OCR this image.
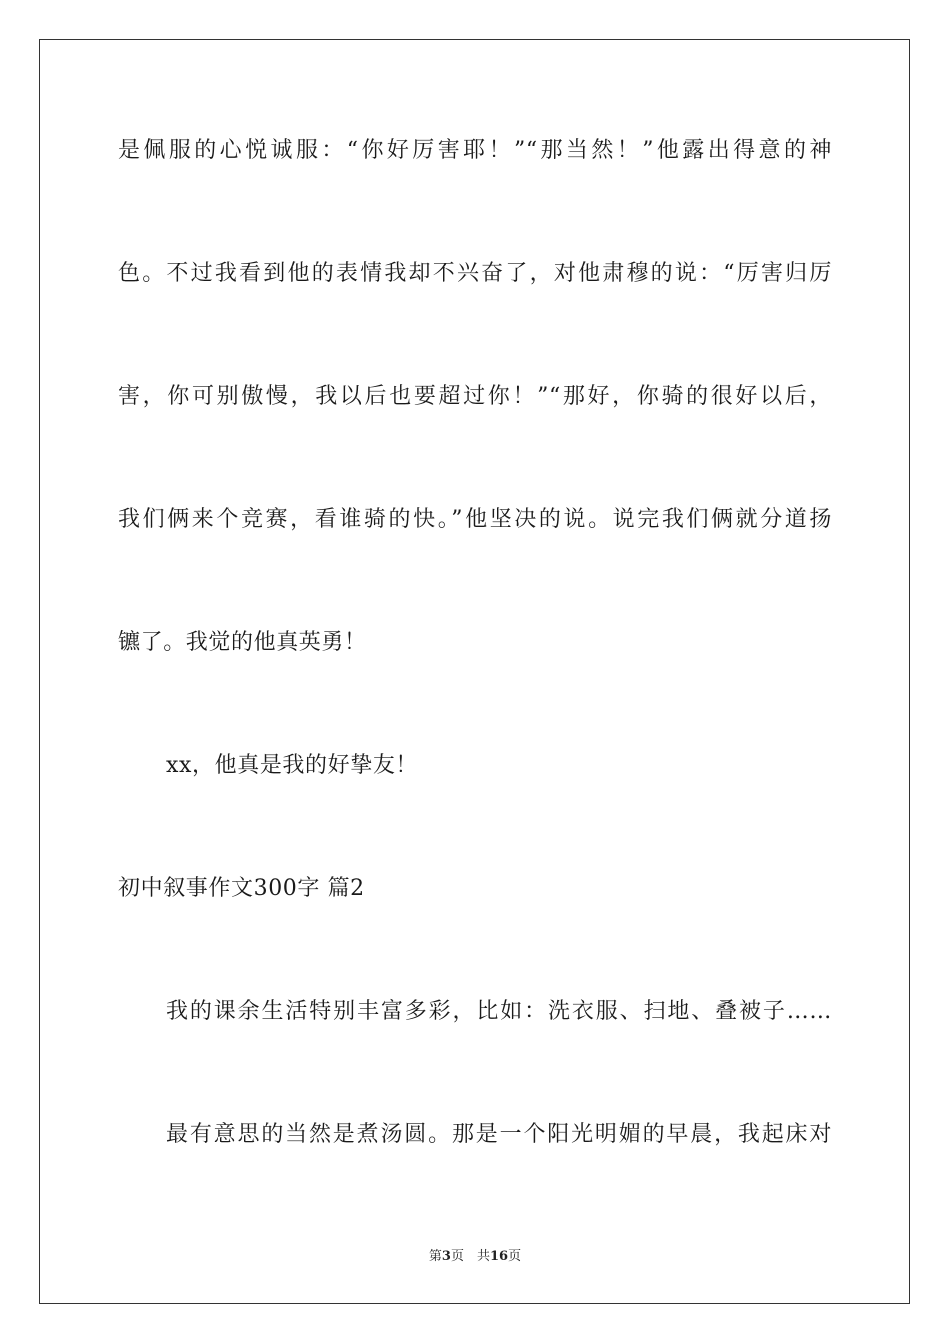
是佩服的心悦诚服：“你好厉害耶！”“那当然！”他露出得意的神
色。不过我看到他的表情我却不兴奋了，对他肃穆的说：“厉害归厉
害，你可别傲慢，我以后也要超过你！”“那好，你骑的很好以后，
我们俩来个竞赛，看谁骑的快。”他坚决的说。说完我们俩就分道扬
镳了。我觉的他真英勇！
xx，他真是我的好挚友！
初中叙事作文300字 篇2
我的课余生活特别丰富多彩，比如：洗衣服、扫地、叠被子……
最有意思的当然是煮汤圆。那是一个阳光明媚的早晨，我起床对
第3页　共16页
